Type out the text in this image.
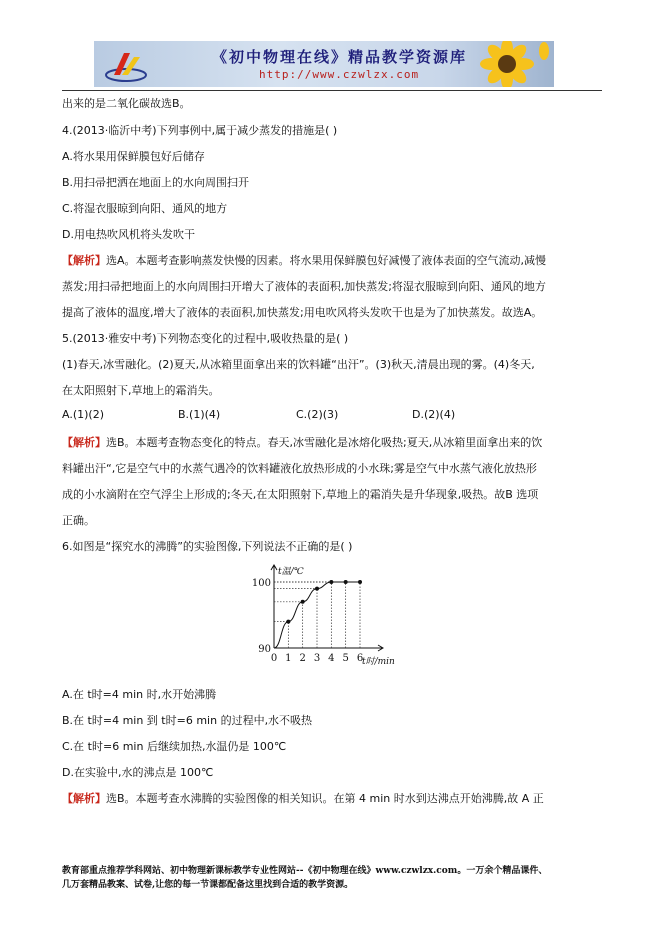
《初中物理在线》精品教学资源库
http://www.czwlzx.com
出来的是二氧化碳故选B。
4.(2013·临沂中考)下列事例中,属于减少蒸发的措施是( )
A.将水果用保鲜膜包好后储存
B.用扫帚把洒在地面上的水向周围扫开
C.将湿衣服晾到向阳、通风的地方
D.用电热吹风机将头发吹干
【解析】选A。本题考查影响蒸发快慢的因素。将水果用保鲜膜包好减慢了液体表面的空气流动,减慢
蒸发;用扫帚把地面上的水向周围扫开增大了液体的表面积,加快蒸发;将湿衣服晾到向阳、通风的地方
提高了液体的温度,增大了液体的表面积,加快蒸发;用电吹风将头发吹干也是为了加快蒸发。故选A。
5.(2013·雅安中考)下列物态变化的过程中,吸收热量的是( )
(1)春天,冰雪融化。(2)夏天,从冰箱里面拿出来的饮料罐“出汗”。(3)秋天,清晨出现的雾。(4)冬天,
在太阳照射下,草地上的霜消失。
A.(1)(2)	B.(1)(4)	C.(2)(3)	D.(2)(4)
【解析】选B。本题考查物态变化的特点。春天,冰雪融化是冰熔化吸热;夏天,从冰箱里面拿出来的饮
料罐出汗“,它是空气中的水蒸气遇冷的饮料罐液化放热形成的小水珠;雾是空气中水蒸气液化放热形
成的小水滴附在空气浮尘上形成的;冬天,在太阳照射下,草地上的霜消失是升华现象,吸热。故B 选项
正确。
6.如图是“探究水的沸腾”的实验图像,下列说法不正确的是( )
0 1 2 3 4 5 6
100
90
t温/℃
t时/min
A.在 t时=4 min 时,水开始沸腾
B.在 t时=4 min 到 t时=6 min 的过程中,水不吸热
C.在 t时=6 min 后继续加热,水温仍是 100℃
D.在实验中,水的沸点是 100℃
【解析】选B。本题考查水沸腾的实验图像的相关知识。在第 4 min 时水到达沸点开始沸腾,故 A 正
教育部重点推荐学科网站、初中物理新课标教学专业性网站--《初中物理在线》www.czwlzx.com。一万余个精品课件、
几万套精品教案、试卷,让您的每一节课都配备这里找到合适的教学资源。
